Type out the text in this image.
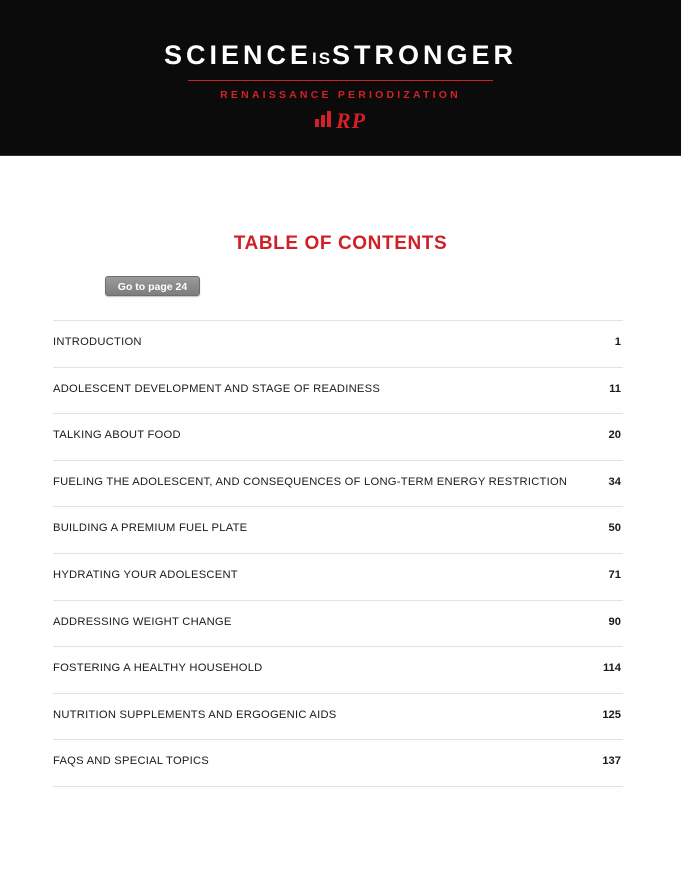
SCIENCEISSTRONGER
RENAISSANCE PERIODIZATION
RP
TABLE OF CONTENTS
Go to page 24
INTRODUCTION	1
ADOLESCENT DEVELOPMENT AND STAGE OF READINESS	11
TALKING ABOUT FOOD	20
FUELING THE ADOLESCENT, AND CONSEQUENCES OF LONG-TERM ENERGY RESTRICTION	34
BUILDING A PREMIUM FUEL PLATE	50
HYDRATING YOUR ADOLESCENT	71
ADDRESSING WEIGHT CHANGE	90
FOSTERING A HEALTHY HOUSEHOLD	114
NUTRITION SUPPLEMENTS AND ERGOGENIC AIDS	125
FAQS AND SPECIAL TOPICS	137
